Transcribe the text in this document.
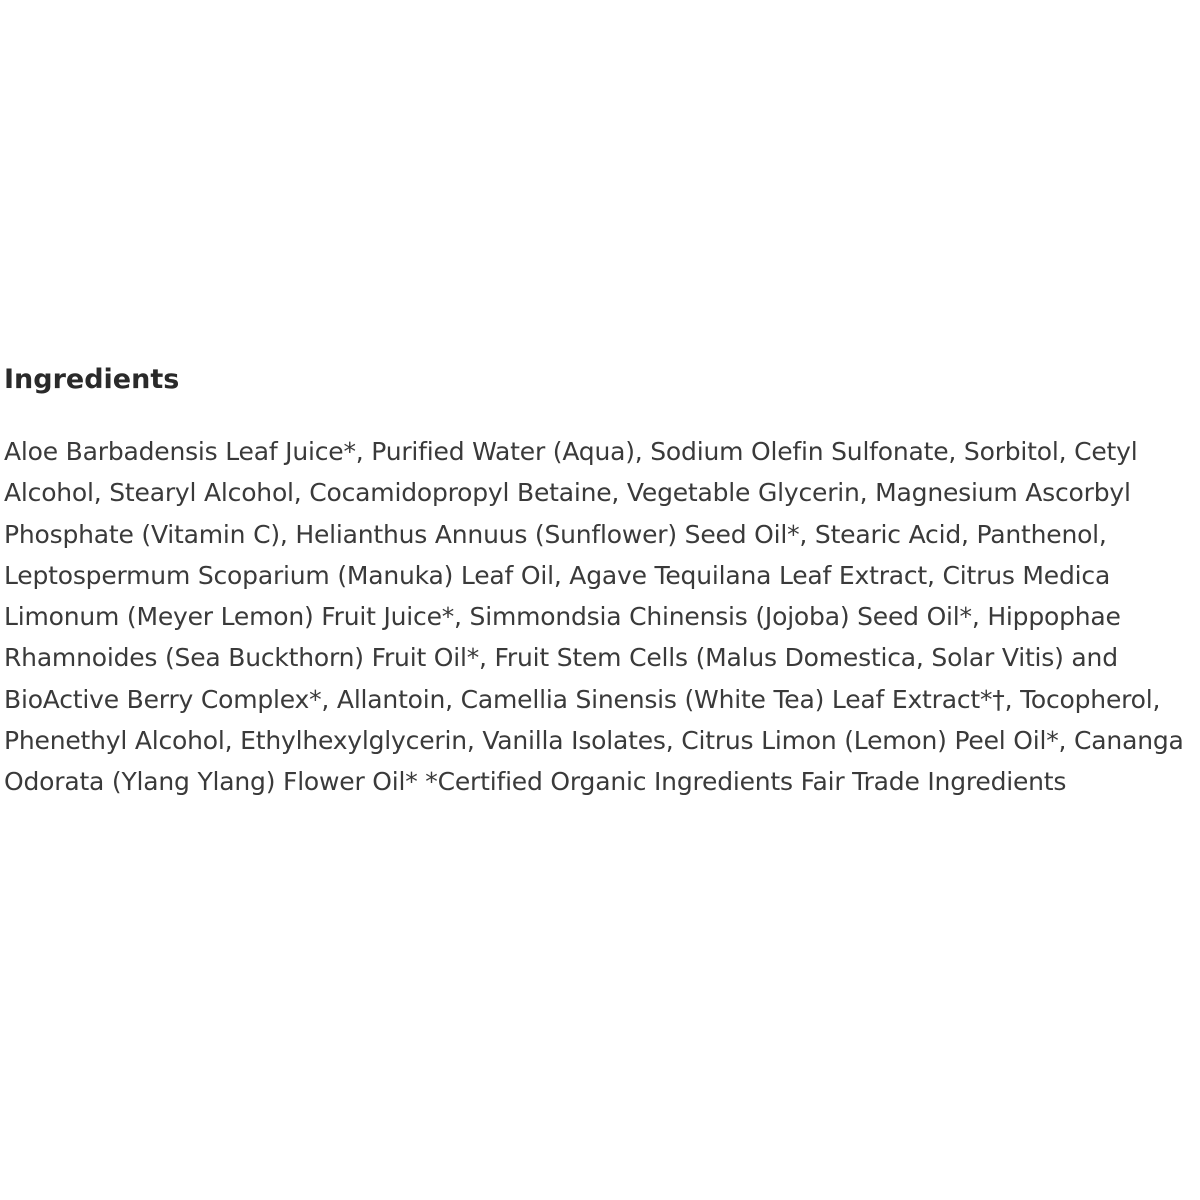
Ingredients

Aloe Barbadensis Leaf Juice*, Purified Water (Aqua), Sodium Olefin Sulfonate, Sorbitol, Cetyl Alcohol, Stearyl Alcohol, Cocamidopropyl Betaine, Vegetable Glycerin, Magnesium Ascorbyl Phosphate (Vitamin C), Helianthus Annuus (Sunflower) Seed Oil*, Stearic Acid, Panthenol, Leptospermum Scoparium (Manuka) Leaf Oil, Agave Tequilana Leaf Extract, Citrus Medica Limonum (Meyer Lemon) Fruit Juice*, Simmondsia Chinensis (Jojoba) Seed Oil*, Hippophae Rhamnoides (Sea Buckthorn) Fruit Oil*, Fruit Stem Cells (Malus Domestica, Solar Vitis) and BioActive Berry Complex*, Allantoin, Camellia Sinensis (White Tea) Leaf Extract*†, Tocopherol, Phenethyl Alcohol, Ethylhexylglycerin, Vanilla Isolates, Citrus Limon (Lemon) Peel Oil*, Cananga Odorata (Ylang Ylang) Flower Oil* *Certified Organic Ingredients Fair Trade Ingredients
